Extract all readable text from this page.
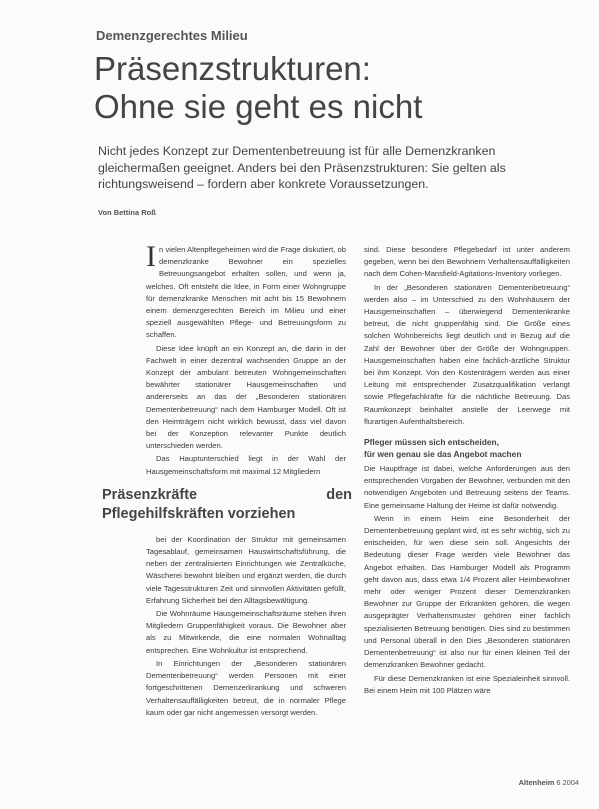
Demenzgerechtes Milieu
Präsenzstrukturen:
Ohne sie geht es nicht

Nicht jedes Konzept zur Dementenbetreuung ist für alle Demenzkranken gleichermaßen geeignet. Anders bei den Präsenzstrukturen: Sie gelten als richtungsweisend – fordern aber konkrete Voraussetzungen.

Von Bettina Roß

In vielen Altenpflegeheimen wird die Frage diskutiert, ob demenzkranke Bewohner ein spezielles Betreuungsangebot erhalten sollen, und wenn ja, welches. Oft entsteht die Idee, in Form einer Wohngruppe für demenzkranke Menschen mit acht bis 15 Bewohnern einem demenzgerechten Bereich im Milieu und einer speziell ausgewählten Pflege- und Betreuungsform zu schaffen.

Diese Idee knüpft an ein Konzept an, die darin in der Fachwelt in einer dezentral wachsenden Gruppe an der Konzept der ambulant betreuten Wohngemeinschaften bewährter stationärer Hausgemeinschaften und andererseits an das der „Besonderen stationären Dementenbetreuung“ nach dem Hamburger Modell. Oft ist den Heimträgern nicht wirklich bewusst, dass viel davon bei der Konzeption relevanter Punkte deutlich unterschieden werden.

Das Hauptunterschied liegt in der Wahl der Hausgemeinschaftsform mit maximal 12 Mitgliedern

Präsenzkräfte den Pflegehilfskräften vorziehen

bei der Koordination der Struktur mit gemeinsamen Tagesablauf, gemeinsamen Hauswirtschaftsführung, die neben der zentralisierten Einrichtungen wie Zentralküche, Wäscherei bewohnt bleiben und ergänzt werden, die durch viele Tagesstrukturen Zeit und sinnvollen Aktivitäten gefüllt, Erfahrung Sicherheit bei den Alltagsbewältigung.

Die Wohnräume Hausgemeinschaftsräume stehen ihren Mitgliedern Gruppenfähigkeit voraus. Die Bewohner aber als zu Mitwirkende, die eine normalen Wohnalltag entsprechen. Eine Wohnkultur ist entsprechend.

In Einrichtungen der „Besonderen stationären Dementenbetreuung“ werden Personen mit einer fortgeschrittenen Demenzerkrankung und schweren Verhaltensauffälligkeiten betreut, die in normaler Pflege kaum oder gar nicht angemessen versorgt werden.

sind. Diese besondere Pflegebedarf ist unter anderem gegeben, wenn bei den Bewohnern Verhaltensauffälligkeiten nach dem Cohen-Mansfield-Agitations-Inventory vorliegen.

In der „Besonderen stationären Dementenbetreuung“ werden also – im Unterschied zu den Wohnhäusern der Hausgemeinschaften – überwiegend Dementenkranke betreut, die nicht gruppenfähig sind. Die Größe eines solchen Wohnbereichs liegt deutlich und in Bezug auf die Zahl der Bewohner über der Größe der Wohngruppen. Hausgemeinschaften haben eine fachlich-ärztliche Struktur bei ihm Konzept. Von den Kostenträgern werden aus einer Leitung mit entsprechender Zusatzqualifikation verlangt sowie Pflegefachkräfte für die nächtliche Betreuung. Das Raumkonzept beinhaltet anstelle der Leerwege mit flurartigen Aufenthaltsbereich.

Pfleger müssen sich entscheiden,
für wen genau sie das Angebot machen

Die Hauptfrage ist dabei, welche Anforderungen aus den entsprechenden Vorgaben der Bewohner, verbunden mit den notwendigen Angeboten und Betreuung seitens der Teams. Eine gemeinsame Haltung der Heime ist dafür notwendig.

Wenn in einem Heim eine Besonderheit der Dementenbetreuung geplant wird, ist es sehr wichtig, sich zu entscheiden, für wen diese sein soll. Angesichts der Bedeutung dieser Frage werden viele Bewohner das Angebot erhalten. Das Hamburger Modell als Programm geht davon aus, dass etwa 1/4 Prozent aller Heimbewohner mehr oder weniger Prozent dieser Demenzkranken Bewohner zur Gruppe der Erkrankten gehören, die wegen ausgeprägter Verhaltensmuster gehören einer fachlich spezialisierten Betreuung benötigen. Dies sind zu bestimmen und Personal überall in den Dies „Besonderen stationären Dementenbetreuung“ ist also nur für einen kleinen Teil der demenzkranken Bewohner gedacht.

Für diese Demenzkranken ist eine Spezialeinheit sinnvoll. Bei einem Heim mit 100 Plätzen wäre

Altenheim 6 2004
